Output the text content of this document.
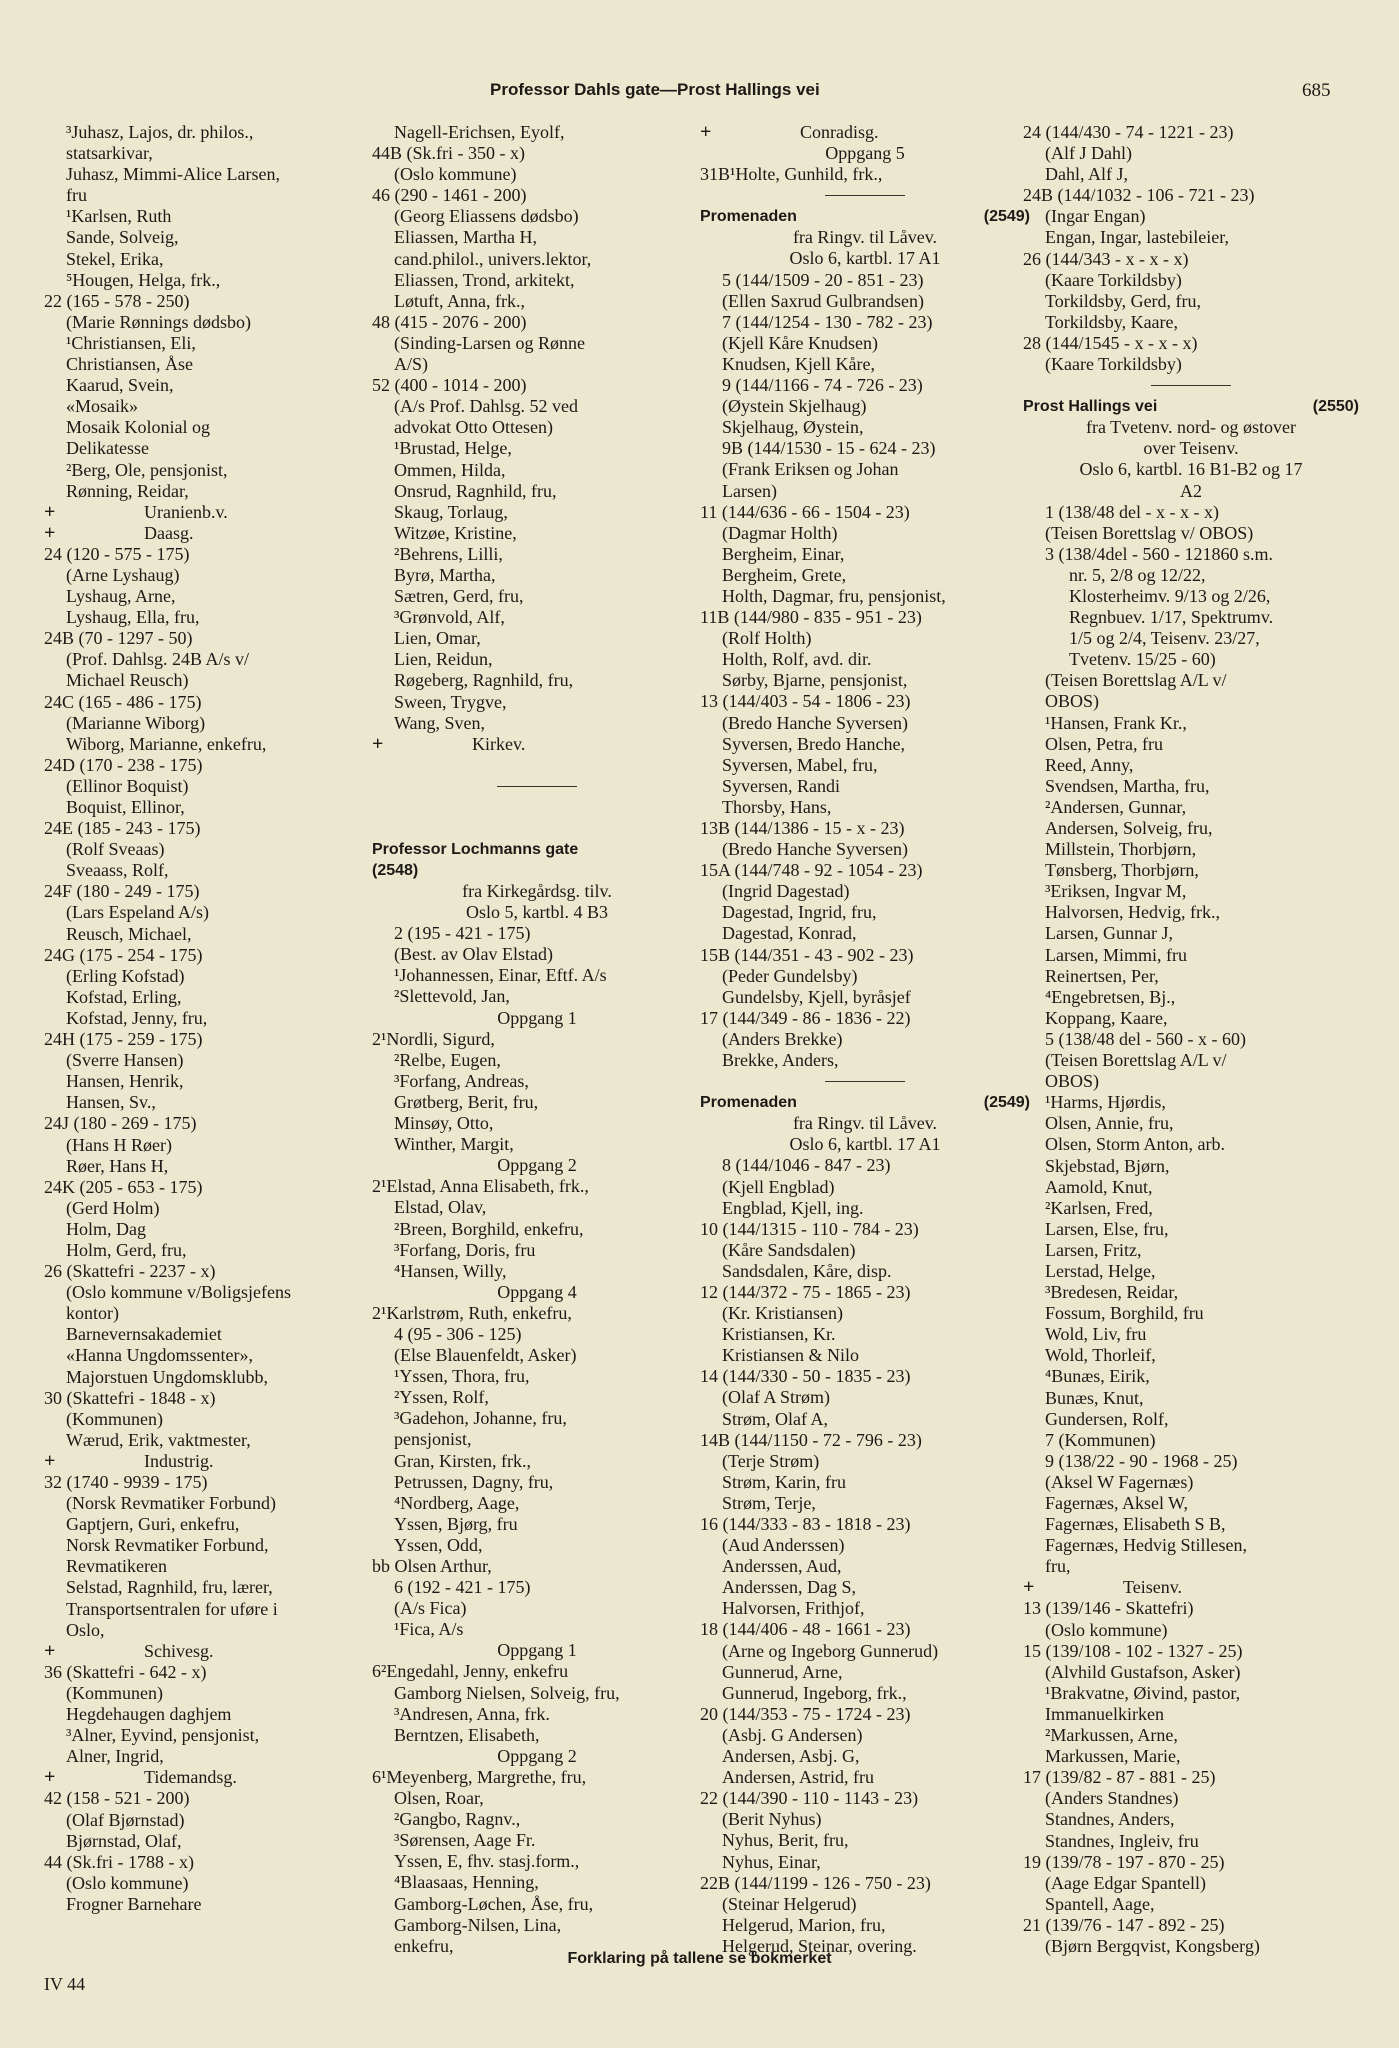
Professor Dahls gate—Prost Hallings vei	685
³Juhasz, Lajos, dr. philos.,
statsarkivar,
Juhasz, Mimmi-Alice Larsen,
fru
¹Karlsen, Ruth
Sande, Solveig,
Stekel, Erika,
⁵Hougen, Helga, frk.,
22 (165 - 578 - 250)
(Marie Rønnings dødsbo)
¹Christiansen, Eli,
Christiansen, Åse
Kaarud, Svein,
«Mosaik»
Mosaik Kolonial og
Delikatesse
²Berg, Ole, pensjonist,
Rønning, Reidar,
+	Uranienb.v.
+	Daasg.
24 (120 - 575 - 175)
(Arne Lyshaug)
Lyshaug, Arne,
Lyshaug, Ella, fru,
24B (70 - 1297 - 50)
(Prof. Dahlsg. 24B A/s v/
Michael Reusch)
24C (165 - 486 - 175)
(Marianne Wiborg)
Wiborg, Marianne, enkefru,
24D (170 - 238 - 175)
(Ellinor Boquist)
Boquist, Ellinor,
24E (185 - 243 - 175)
(Rolf Sveaas)
Sveaass, Rolf,
24F (180 - 249 - 175)
(Lars Espeland A/s)
Reusch, Michael,
24G (175 - 254 - 175)
(Erling Kofstad)
Kofstad, Erling,
Kofstad, Jenny, fru,
24H (175 - 259 - 175)
(Sverre Hansen)
Hansen, Henrik,
Hansen, Sv.,
24J (180 - 269 - 175)
(Hans H Røer)
Røer, Hans H,
24K (205 - 653 - 175)
(Gerd Holm)
Holm, Dag
Holm, Gerd, fru,
26 (Skattefri - 2237 - x)
(Oslo kommune v/Boligsjefens
kontor)
Barnevernsakademiet
«Hanna Ungdomssenter»,
Majorstuen Ungdomsklubb,
30 (Skattefri - 1848 - x)
(Kommunen)
Wærud, Erik, vaktmester,
+	Industrig.
32 (1740 - 9939 - 175)
(Norsk Revmatiker Forbund)
Gaptjern, Guri, enkefru,
Norsk Revmatiker Forbund,
Revmatikeren
Selstad, Ragnhild, fru, lærer,
Transportsentralen for uføre i
Oslo,
+	Schivesg.
36 (Skattefri - 642 - x)
(Kommunen)
Hegdehaugen daghjem
³Alner, Eyvind, pensjonist,
Alner, Ingrid,
+	Tidemandsg.
42 (158 - 521 - 200)
(Olaf Bjørnstad)
Bjørnstad, Olaf,
44 (Sk.fri - 1788 - x)
(Oslo kommune)
Frogner Barnehare
Nagell-Erichsen, Eyolf,
44B (Sk.fri - 350 - x)
(Oslo kommune)
46 (290 - 1461 - 200)
(Georg Eliassens dødsbo)
Eliassen, Martha H,
cand.philol., univers.lektor,
Eliassen, Trond, arkitekt,
Løtuft, Anna, frk.,
48 (415 - 2076 - 200)
(Sinding-Larsen og Rønne
A/S)
52 (400 - 1014 - 200)
(A/s Prof. Dahlsg. 52 ved
advokat Otto Ottesen)
¹Brustad, Helge,
Ommen, Hilda,
Onsrud, Ragnhild, fru,
Skaug, Torlaug,
Witzøe, Kristine,
²Behrens, Lilli,
Byrø, Martha,
Sætren, Gerd, fru,
³Grønvold, Alf,
Lien, Omar,
Lien, Reidun,
Røgeberg, Ragnhild, fru,
Sween, Trygve,
Wang, Sven,
+	Kirkev.
Professor Lochmanns gate
(2548)
fra Kirkegårdsg. tilv.
Oslo 5, kartbl. 4 B3
2 (195 - 421 - 175)
(Best. av Olav Elstad)
¹Johannessen, Einar, Eftf. A/s
²Slettevold, Jan,
Oppgang 1
2¹Nordli, Sigurd,
²Relbe, Eugen,
³Forfang, Andreas,
Grøtberg, Berit, fru,
Minsøy, Otto,
Winther, Margit,
Oppgang 2
2¹Elstad, Anna Elisabeth, frk.,
Elstad, Olav,
²Breen, Borghild, enkefru,
³Forfang, Doris, fru
⁴Hansen, Willy,
Oppgang 4
2¹Karlstrøm, Ruth, enkefru,
4 (95 - 306 - 125)
(Else Blauenfeldt, Asker)
¹Yssen, Thora, fru,
²Yssen, Rolf,
³Gadehon, Johanne, fru,
pensjonist,
Gran, Kirsten, frk.,
Petrussen, Dagny, fru,
⁴Nordberg, Aage,
Yssen, Bjørg, fru
Yssen, Odd,
bb Olsen Arthur,
6 (192 - 421 - 175)
(A/s Fica)
¹Fica, A/s
Oppgang 1
6²Engedahl, Jenny, enkefru
Gamborg Nielsen, Solveig, fru,
³Andresen, Anna, frk.
Berntzen, Elisabeth,
Oppgang 2
6¹Meyenberg, Margrethe, fru,
Olsen, Roar,
²Gangbo, Ragnv.,
³Sørensen, Aage Fr.
Yssen, E, fhv. stasj.form.,
⁴Blaasaas, Henning,
Gamborg-Løchen, Åse, fru,
Gamborg-Nilsen, Lina,
enkefru,
+	Conradisg.
Oppgang 5
31B¹Holte, Gunhild, frk.,
Promenaden	(2549)
fra Ringv. til Låvev.
Oslo 6, kartbl. 17 A1
5 (144/1509 - 20 - 851 - 23)
(Ellen Saxrud Gulbrandsen)
7 (144/1254 - 130 - 782 - 23)
(Kjell Kåre Knudsen)
Knudsen, Kjell Kåre,
9 (144/1166 - 74 - 726 - 23)
(Øystein Skjelhaug)
Skjelhaug, Øystein,
9B (144/1530 - 15 - 624 - 23)
(Frank Eriksen og Johan
Larsen)
11 (144/636 - 66 - 1504 - 23)
(Dagmar Holth)
Bergheim, Einar,
Bergheim, Grete,
Holth, Dagmar, fru, pensjonist,
11B (144/980 - 835 - 951 - 23)
(Rolf Holth)
Holth, Rolf, avd. dir.
Sørby, Bjarne, pensjonist,
13 (144/403 - 54 - 1806 - 23)
(Bredo Hanche Syversen)
Syversen, Bredo Hanche,
Syversen, Mabel, fru,
Syversen, Randi
Thorsby, Hans,
13B (144/1386 - 15 - x - 23)
(Bredo Hanche Syversen)
15A (144/748 - 92 - 1054 - 23)
(Ingrid Dagestad)
Dagestad, Ingrid, fru,
Dagestad, Konrad,
15B (144/351 - 43 - 902 - 23)
(Peder Gundelsby)
Gundelsby, Kjell, byråsjef
17 (144/349 - 86 - 1836 - 22)
(Anders Brekke)
Brekke, Anders,
Promenaden	(2549)
fra Ringv. til Låvev.
Oslo 6, kartbl. 17 A1
8 (144/1046 - 847 - 23)
(Kjell Engblad)
Engblad, Kjell, ing.
10 (144/1315 - 110 - 784 - 23)
(Kåre Sandsdalen)
Sandsdalen, Kåre, disp.
12 (144/372 - 75 - 1865 - 23)
(Kr. Kristiansen)
Kristiansen, Kr.
Kristiansen & Nilo
14 (144/330 - 50 - 1835 - 23)
(Olaf A Strøm)
Strøm, Olaf A,
14B (144/1150 - 72 - 796 - 23)
(Terje Strøm)
Strøm, Karin, fru
Strøm, Terje,
16 (144/333 - 83 - 1818 - 23)
(Aud Anderssen)
Anderssen, Aud,
Anderssen, Dag S,
Halvorsen, Frithjof,
18 (144/406 - 48 - 1661 - 23)
(Arne og Ingeborg Gunnerud)
Gunnerud, Arne,
Gunnerud, Ingeborg, frk.,
20 (144/353 - 75 - 1724 - 23)
(Asbj. G Andersen)
Andersen, Asbj. G,
Andersen, Astrid, fru
22 (144/390 - 110 - 1143 - 23)
(Berit Nyhus)
Nyhus, Berit, fru,
Nyhus, Einar,
22B (144/1199 - 126 - 750 - 23)
(Steinar Helgerud)
Helgerud, Marion, fru,
Helgerud, Steinar, overing.
24 (144/430 - 74 - 1221 - 23)
(Alf J Dahl)
Dahl, Alf J,
24B (144/1032 - 106 - 721 - 23)
(Ingar Engan)
Engan, Ingar, lastebileier,
26 (144/343 - x - x - x)
(Kaare Torkildsby)
Torkildsby, Gerd, fru,
Torkildsby, Kaare,
28 (144/1545 - x - x - x)
(Kaare Torkildsby)
Prost Hallings vei	(2550)
fra Tvetenv. nord- og østover
over Teisenv.
Oslo 6, kartbl. 16 B1-B2 og 17
A2
1 (138/48 del - x - x - x)
(Teisen Borettslag v/ OBOS)
3 (138/4del - 560 - 121860 s.m.
nr. 5, 2/8 og 12/22,
Klosterheimv. 9/13 og 2/26,
Regnbuev. 1/17, Spektrumv.
1/5 og 2/4, Teisenv. 23/27,
Tvetenv. 15/25 - 60)
(Teisen Borettslag A/L v/
OBOS)
¹Hansen, Frank Kr.,
Olsen, Petra, fru
Reed, Anny,
Svendsen, Martha, fru,
²Andersen, Gunnar,
Andersen, Solveig, fru,
Millstein, Thorbjørn,
Tønsberg, Thorbjørn,
³Eriksen, Ingvar M,
Halvorsen, Hedvig, frk.,
Larsen, Gunnar J,
Larsen, Mimmi, fru
Reinertsen, Per,
⁴Engebretsen, Bj.,
Koppang, Kaare,
5 (138/48 del - 560 - x - 60)
(Teisen Borettslag A/L v/
OBOS)
¹Harms, Hjørdis,
Olsen, Annie, fru,
Olsen, Storm Anton, arb.
Skjebstad, Bjørn,
Aamold, Knut,
²Karlsen, Fred,
Larsen, Else, fru,
Larsen, Fritz,
Lerstad, Helge,
³Bredesen, Reidar,
Fossum, Borghild, fru
Wold, Liv, fru
Wold, Thorleif,
⁴Bunæs, Eirik,
Bunæs, Knut,
Gundersen, Rolf,
7 (Kommunen)
9 (138/22 - 90 - 1968 - 25)
(Aksel W Fagernæs)
Fagernæs, Aksel W,
Fagernæs, Elisabeth S B,
Fagernæs, Hedvig Stillesen,
fru,
+	Teisenv.
13 (139/146 - Skattefri)
(Oslo kommune)
15 (139/108 - 102 - 1327 - 25)
(Alvhild Gustafson, Asker)
¹Brakvatne, Øivind, pastor,
Immanuelkirken
²Markussen, Arne,
Markussen, Marie,
17 (139/82 - 87 - 881 - 25)
(Anders Standnes)
Standnes, Anders,
Standnes, Ingleiv, fru
19 (139/78 - 197 - 870 - 25)
(Aage Edgar Spantell)
Spantell, Aage,
21 (139/76 - 147 - 892 - 25)
(Bjørn Bergqvist, Kongsberg)
Forklaring på tallene se bokmerket
IV 44
